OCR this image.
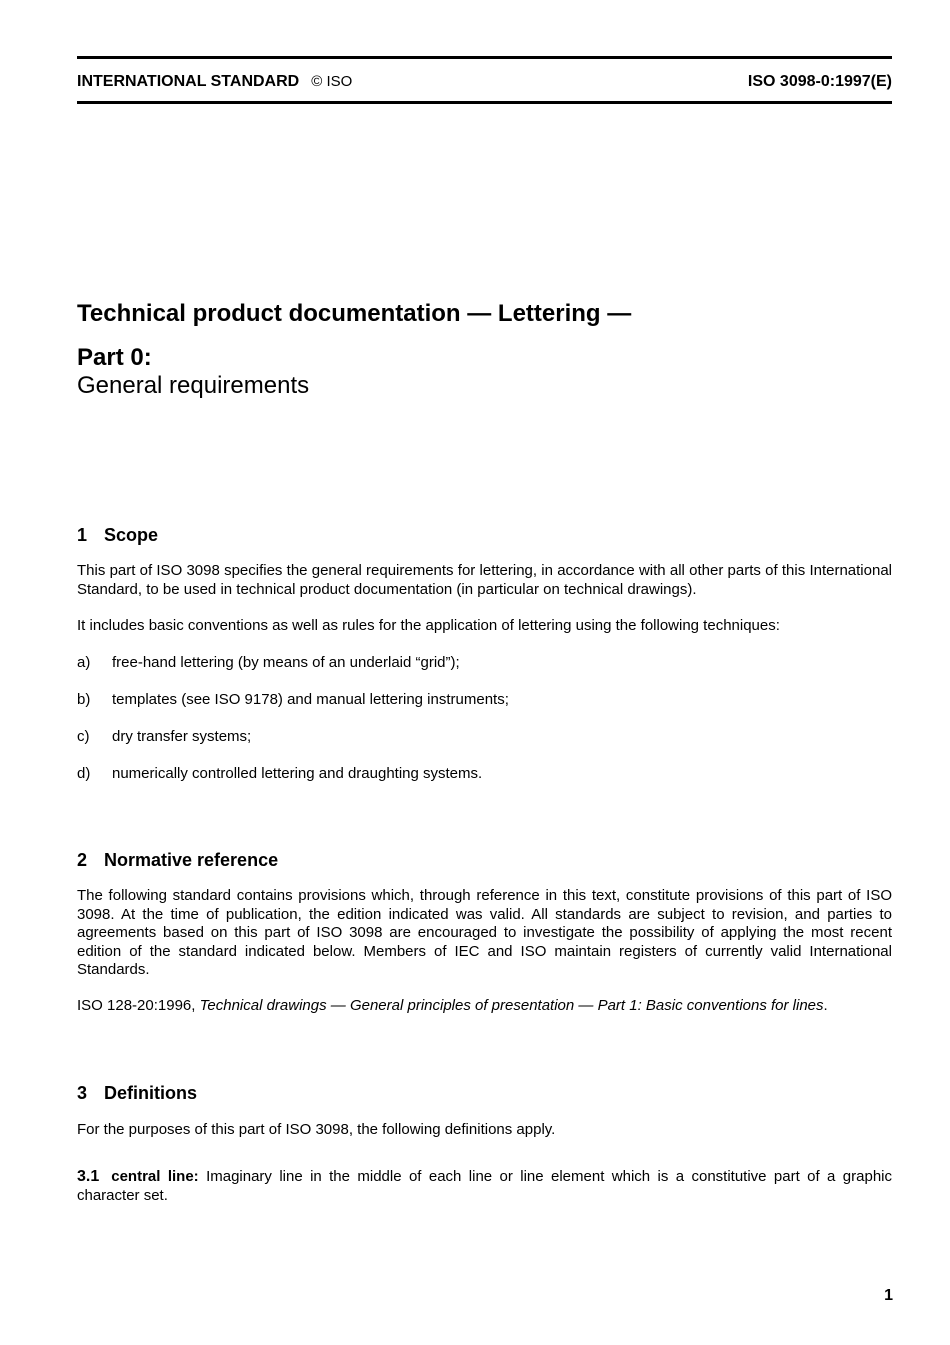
INTERNATIONAL STANDARD © ISO	ISO 3098-0:1997(E)
Technical product documentation — Lettering —
Part 0:
General requirements
1 Scope
This part of ISO 3098 specifies the general requirements for lettering, in accordance with all other parts of this International Standard, to be used in technical product documentation (in particular on technical drawings).
It includes basic conventions as well as rules for the application of lettering using the following techniques:
a) free-hand lettering (by means of an underlaid “grid”);
b) templates (see ISO 9178) and manual lettering instruments;
c) dry transfer systems;
d) numerically controlled lettering and draughting systems.
2 Normative reference
The following standard contains provisions which, through reference in this text, constitute provisions of this part of ISO 3098. At the time of publication, the edition indicated was valid. All standards are subject to revision, and parties to agreements based on this part of ISO 3098 are encouraged to investigate the possibility of applying the most recent edition of the standard indicated below. Members of IEC and ISO maintain registers of currently valid International Standards.
ISO 128-20:1996, Technical drawings — General principles of presentation — Part 1: Basic conventions for lines.
3 Definitions
For the purposes of this part of ISO 3098, the following definitions apply.
3.1 central line: Imaginary line in the middle of each line or line element which is a constitutive part of a graphic character set.
1
